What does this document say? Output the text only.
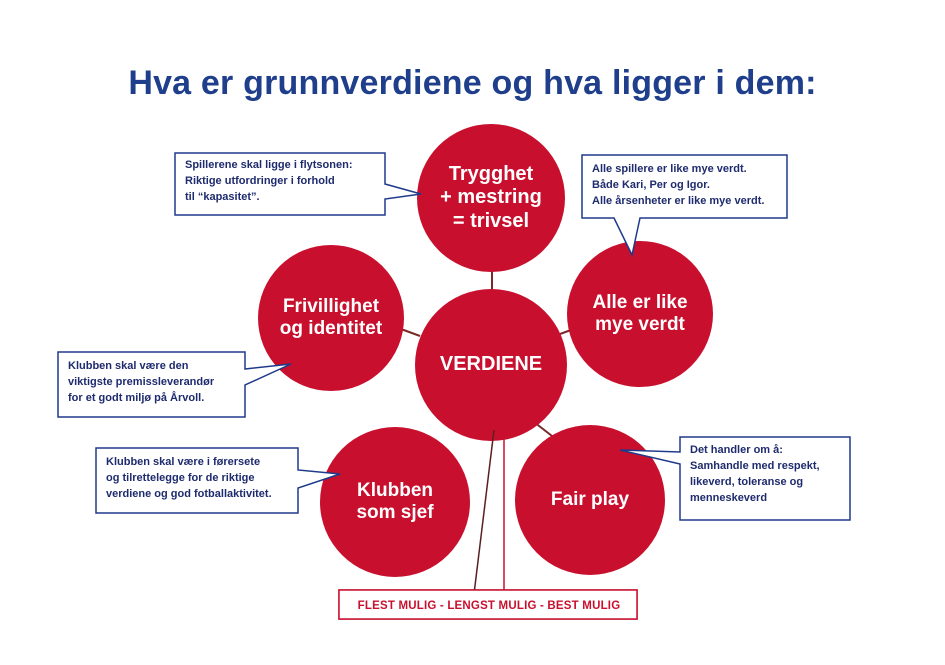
Hva er grunnverdiene og hva ligger i dem:
Trygghet
+ mestring
= trivsel
Alle er like
mye verdt
Fair play
Klubben
som sjef
Frivillighet
og identitet
VERDIENE
Spillerene skal ligge i flytsonen:
Riktige utfordringer i forhold
til “kapasitet”.
Alle spillere er like mye verdt.
Både Kari, Per og Igor.
Alle årsenheter er like mye verdt.
Klubben skal være den
viktigste premissleverandør
for et godt miljø på Årvoll.
Klubben skal være i førersete
og tilrettelegge for de riktige
verdiene og god fotballaktivitet.
Det handler om å:
Samhandle med respekt,
likeverd, toleranse og
menneskeverd
FLEST MULIG - LENGST MULIG - BEST MULIG
